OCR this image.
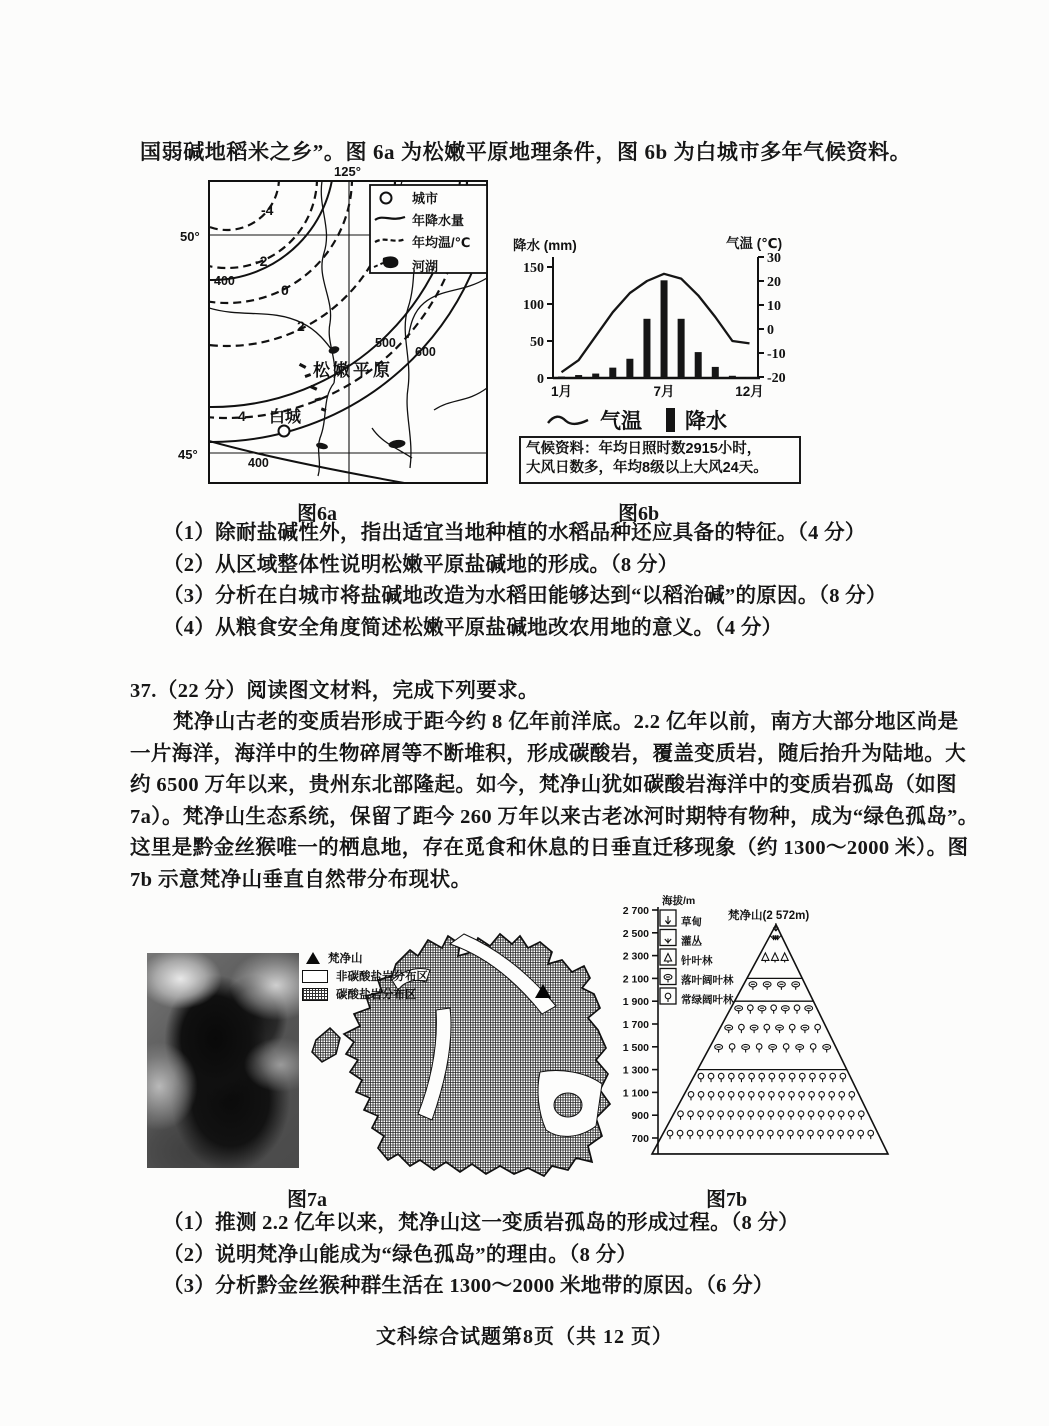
国弱碱地稻米之乡”。图 6a 为松嫩平原地理条件，图 6b 为白城市多年气候资料。
125°
50°
45°
-4
-2
0
2
4
400
500
600
400
松嫩平原
白城
城市
年降水量
年均温/℃
河湖
降水 (mm)	气温 (℃)
0
50
100
150
-20
-10
0
10
20
30
1月	7月	12月
气温 降水
气候资料：年均日照时数2915小时，
大风日数多，年均8级以上大风24天。
图6a	图6b
（1）除耐盐碱性外，指出适宜当地种植的水稻品种还应具备的特征。（4 分）
（2）从区域整体性说明松嫩平原盐碱地的形成。（8 分）
（3）分析在白城市将盐碱地改造为水稻田能够达到“以稻治碱”的原因。（8 分）
（4）从粮食安全角度简述松嫩平原盐碱地改农用地的意义。（4 分）
37.（22 分）阅读图文材料，完成下列要求。
梵净山古老的变质岩形成于距今约 8 亿年前洋底。2.2 亿年以前，南方大部分地区尚是
一片海洋，海洋中的生物碎屑等不断堆积，形成碳酸岩，覆盖变质岩，随后抬升为陆地。大
约 6500 万年以来，贵州东北部隆起。如今，梵净山犹如碳酸岩海洋中的变质岩孤岛（如图
7a）。梵净山生态系统，保留了距今 260 万年以来古老冰河时期特有物种，成为“绿色孤岛”。
这里是黔金丝猴唯一的栖息地，存在觅食和休息的日垂直迁移现象（约 1300～2000 米）。图
7b 示意梵净山垂直自然带分布现状。
梵净山
非碳酸盐岩分布区
碳酸盐岩分布区
海拔/m
梵净山(2 572m)
2 700
2 500
2 300
2 100
1 900
1 700
1 500
1 300
1 100
900
700
草甸
灌丛
针叶林
落叶阔叶林
常绿阔叶林
图7a	图7b
（1）推测 2.2 亿年以来，梵净山这一变质岩孤岛的形成过程。（8 分）
（2）说明梵净山能成为“绿色孤岛”的理由。（8 分）
（3）分析黔金丝猴种群生活在 1300～2000 米地带的原因。（6 分）
文科综合试题第8页（共 12 页）
